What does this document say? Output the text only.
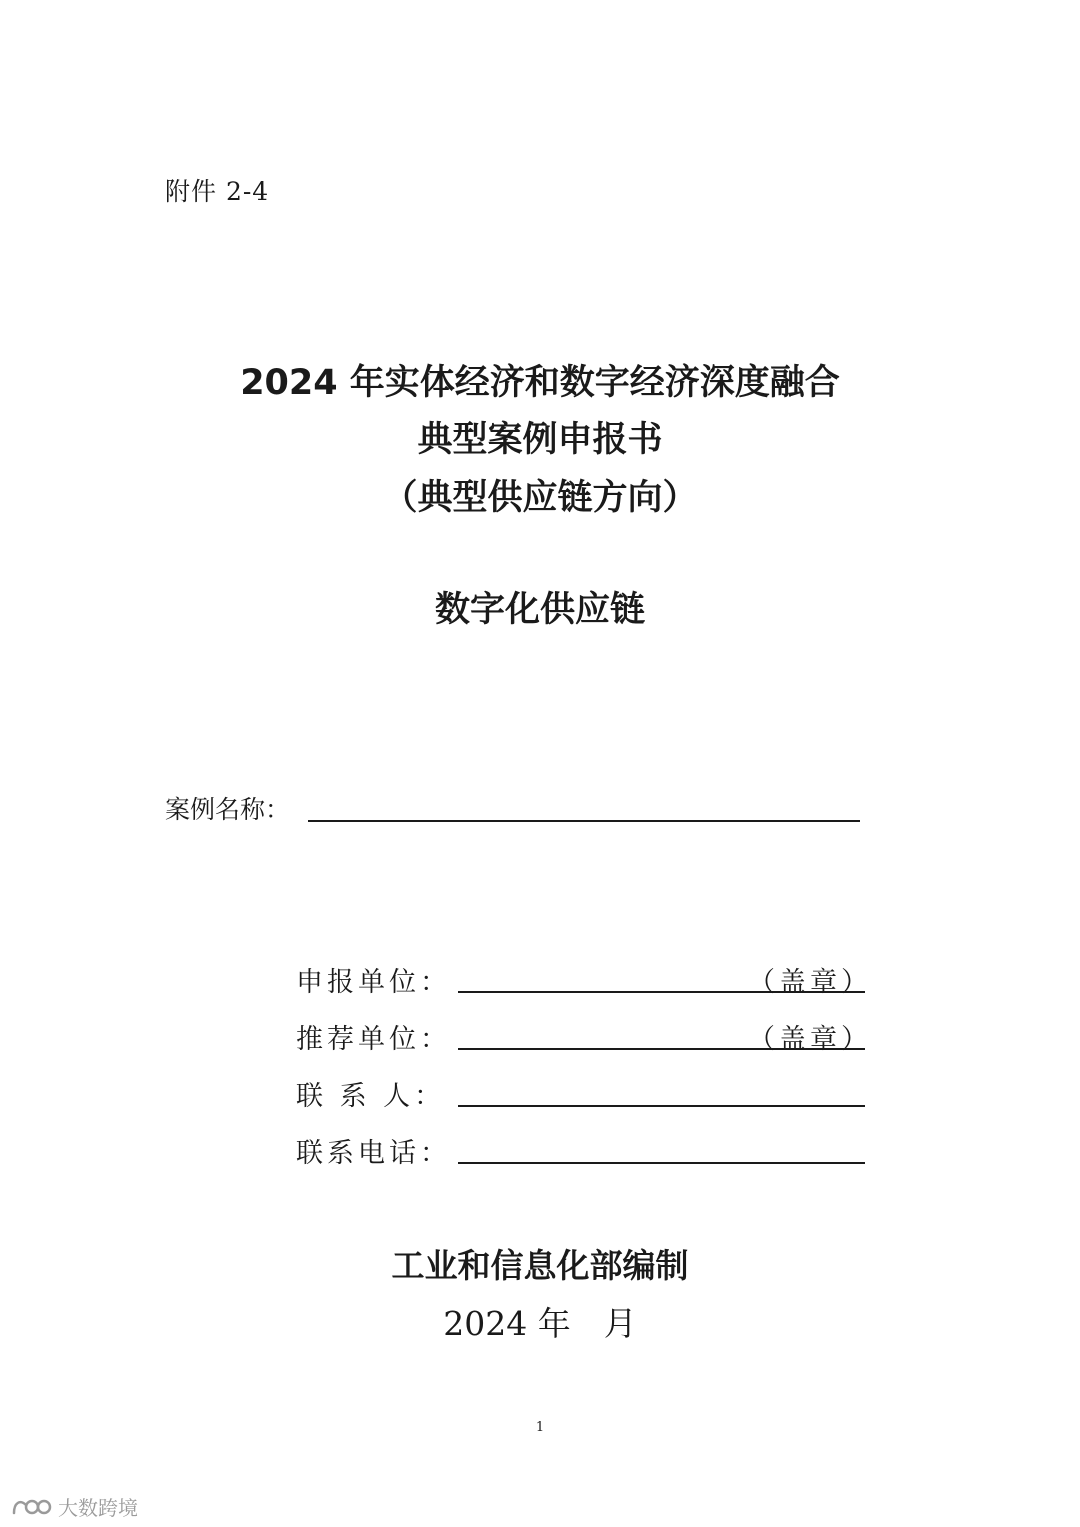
附件 2-4
2024 年实体经济和数字经济深度融合
典型案例申报书
（典型供应链方向）
数字化供应链
案例名称：
申报单位：	（盖章）
推荐单位：	（盖章）
联 系 人：
联系电话：
工业和信息化部编制
2024 年　月
1
大数跨境
